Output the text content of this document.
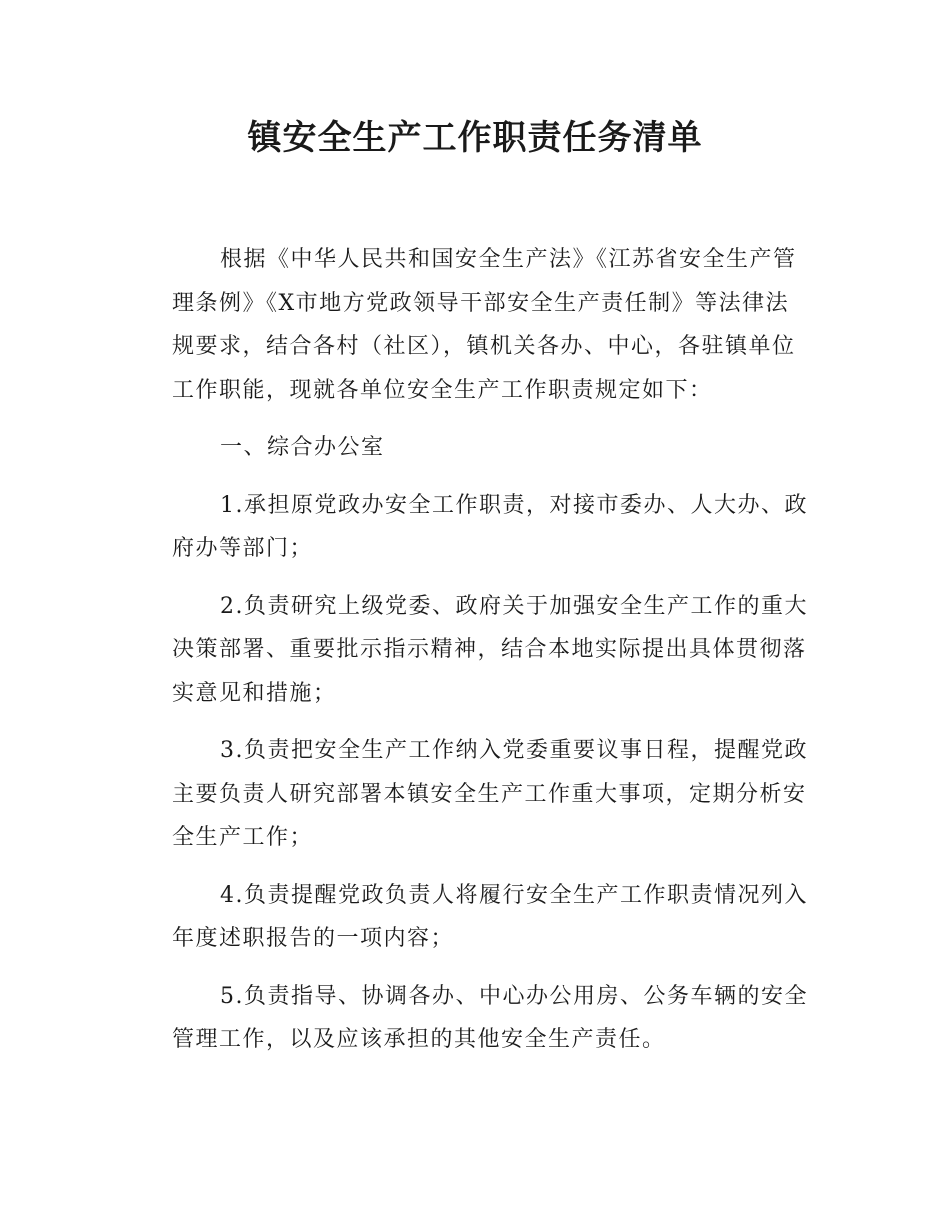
镇安全生产工作职责任务清单

根据《中华人民共和国安全生产法》《江苏省安全生产管理条例》《X市地方党政领导干部安全生产责任制》等法律法规要求，结合各村（社区），镇机关各办、中心，各驻镇单位工作职能，现就各单位安全生产工作职责规定如下：

一、综合办公室

1.承担原党政办安全工作职责，对接市委办、人大办、政府办等部门；

2.负责研究上级党委、政府关于加强安全生产工作的重大决策部署、重要批示指示精神，结合本地实际提出具体贯彻落实意见和措施；

3.负责把安全生产工作纳入党委重要议事日程，提醒党政主要负责人研究部署本镇安全生产工作重大事项，定期分析安全生产工作；

4.负责提醒党政负责人将履行安全生产工作职责情况列入年度述职报告的一项内容；

5.负责指导、协调各办、中心办公用房、公务车辆的安全管理工作，以及应该承担的其他安全生产责任。
